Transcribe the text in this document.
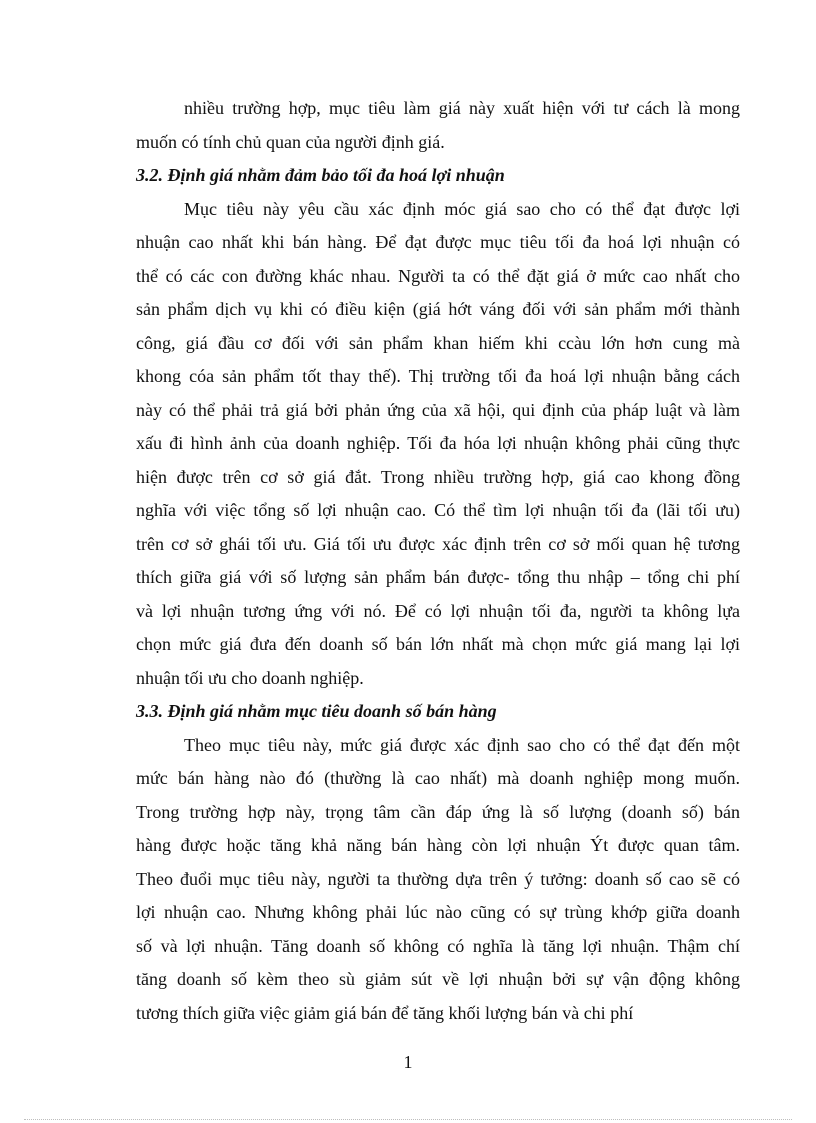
nhiều trường hợp, mục tiêu làm giá này xuất hiện với tư cách là mong
muốn có tính chủ quan của người định giá.
3.2. Định giá nhằm đảm bảo tối đa hoá lợi nhuận
Mục tiêu này yêu cầu xác định móc giá sao cho có thể đạt được lợi
nhuận cao nhất khi bán hàng. Để đạt được mục tiêu tối đa hoá lợi nhuận có
thể có các con đường khác nhau. Người ta có thể đặt giá ở mức cao nhất cho
sản phẩm dịch vụ khi có điều kiện (giá hớt váng đối với sản phẩm mới thành
công, giá đầu cơ đối với sản phẩm khan hiếm khi ccàu lớn hơn cung mà
khong cóa sản phẩm tốt thay thế). Thị trường tối đa hoá lợi nhuận bằng cách
này có thể phải trả giá bởi phản ứng của xã hội, qui định của pháp luật và làm
xấu đi hình ảnh của doanh nghiệp. Tối đa hóa lợi nhuận không phải cũng thực
hiện được trên cơ sở giá đắt. Trong nhiều trường hợp, giá cao khong đồng
nghĩa với việc tổng số lợi nhuận cao. Có thể tìm lợi nhuận tối đa (lãi tối ưu)
trên cơ sở ghái tối ưu. Giá tối ưu được xác định trên cơ sở mối quan hệ tương
thích giữa giá với số lượng sản phẩm bán được- tổng thu nhập – tổng chi phí
và lợi nhuận tương ứng với nó. Để có lợi nhuận tối đa, người ta không lựa
chọn mức giá đưa đến doanh số bán lớn nhất mà chọn mức giá mang lại lợi
nhuận tối ưu cho doanh nghiệp.
3.3. Định giá nhằm mục tiêu doanh số bán hàng
Theo mục tiêu này, mức giá được xác định sao cho có thể đạt đến một
mức bán hàng nào đó (thường là cao nhất) mà doanh nghiệp mong muốn.
Trong trường hợp này, trọng tâm cần đáp ứng là số lượng (doanh số) bán
hàng được hoặc tăng khả năng bán hàng còn lợi nhuận Ýt được quan tâm.
Theo đuổi mục tiêu này, người ta thường dựa trên ý tưởng: doanh số cao sẽ có
lợi nhuận cao. Nhưng không phải lúc nào cũng có sự trùng khớp giữa doanh
số và lợi nhuận. Tăng doanh số không có nghĩa là tăng lợi nhuận. Thậm chí
tăng doanh số kèm theo sù giảm sút về lợi nhuận bởi sự vận động không
tương thích giữa việc giảm giá bán để tăng khối lượng bán và chi phí
1
